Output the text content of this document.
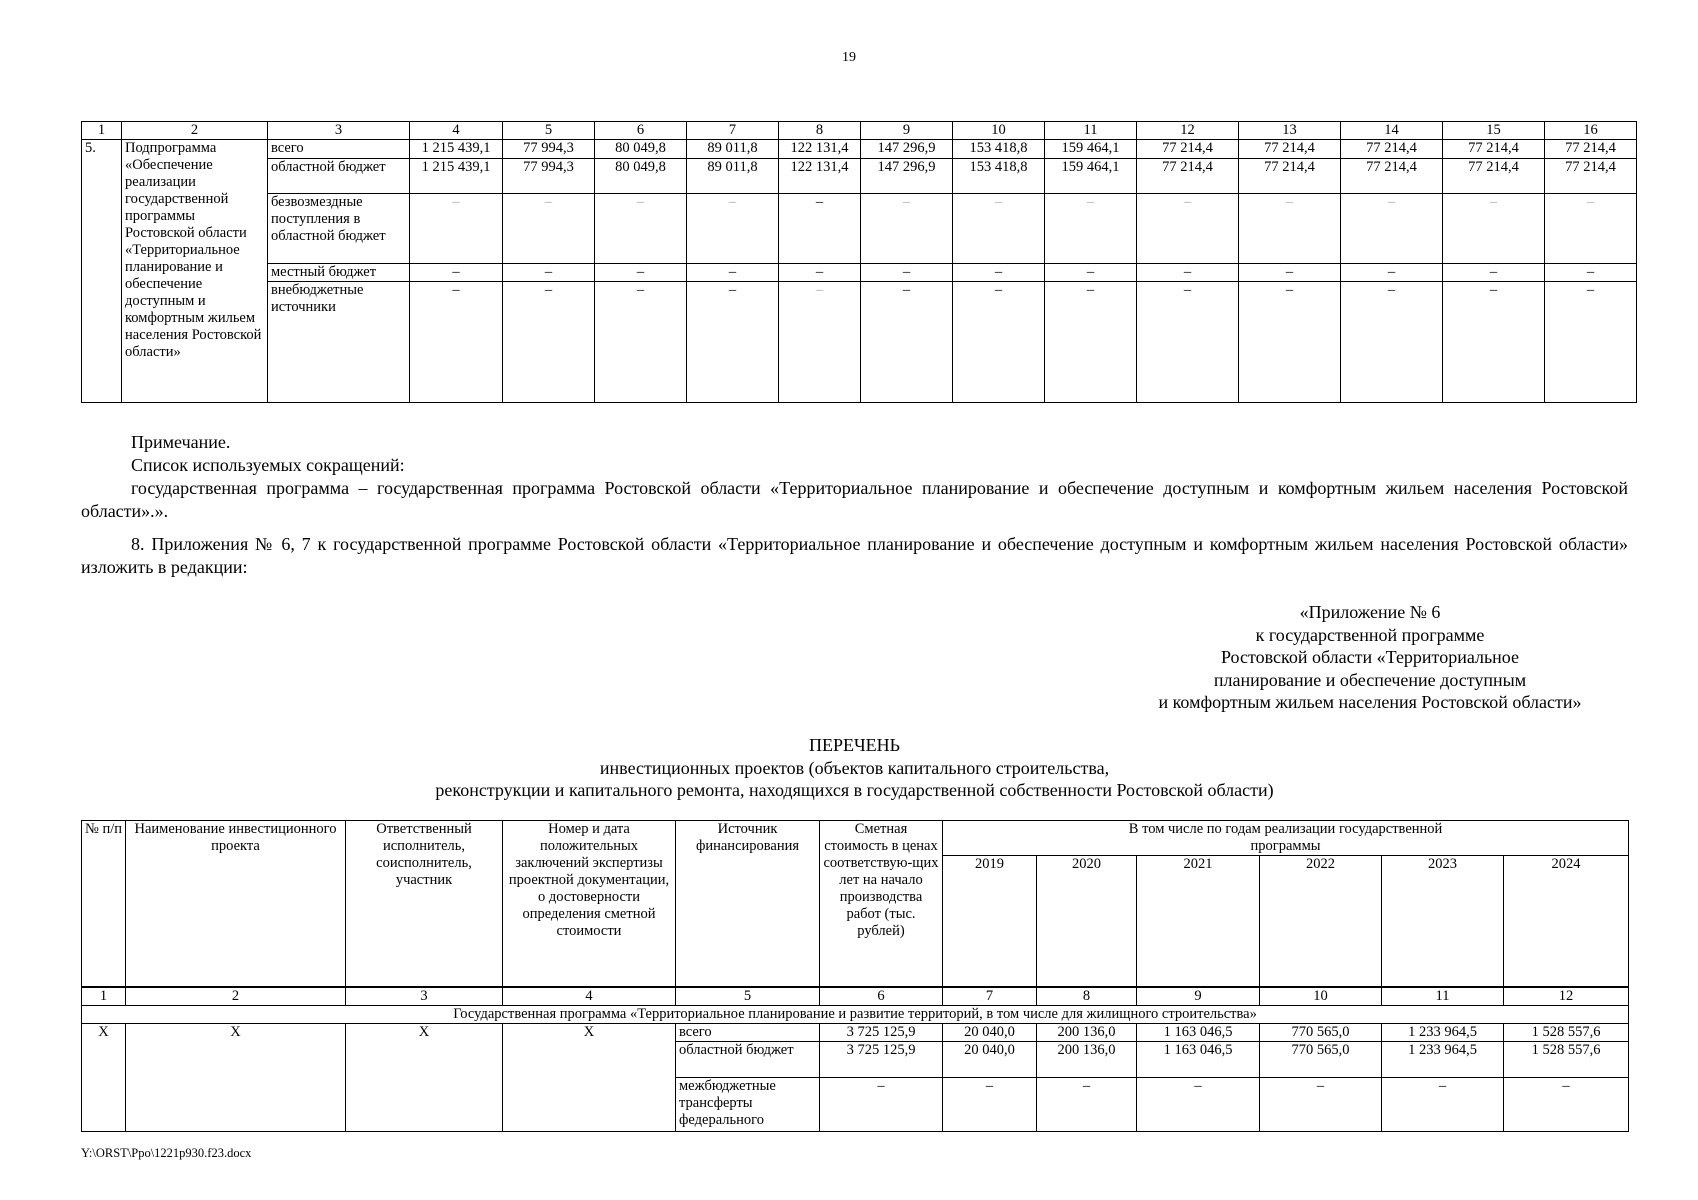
19
1	2	3	4	5	6	7	8	9	10	11	12	13	14	15	16
5.	Подпрограмма «Обеспечение реализации государственной программы Ростовской области «Территориальное планирование и обеспечение доступным и комфортным жильем населения Ростовской области»	всего	1 215 439,1	77 994,3	80 049,8	89 011,8	122 131,4	147 296,9	153 418,8	159 464,1	77 214,4	77 214,4	77 214,4	77 214,4	77 214,4
		областной бюджет	1 215 439,1	77 994,3	80 049,8	89 011,8	122 131,4	147 296,9	153 418,8	159 464,1	77 214,4	77 214,4	77 214,4	77 214,4	77 214,4
		безвозмездные поступления в областной бюджет	–	–	–	–	–	–	–	–	–	–	–	–	–
		местный бюджет	–	–	–	–	–	–	–	–	–	–	–	–	–
		внебюджетные источники	–	–	–	–	–	–	–	–	–	–	–	–	–

Примечание.

Список используемых сокращений:

государственная программа – государственная программа Ростовской области «Территориальное планирование и обеспечение доступным и комфортным жильем населения Ростовской области».».

8. Приложения № 6, 7 к государственной программе Ростовской области «Территориальное планирование и обеспечение доступным и комфортным жильем населения Ростовской области» изложить в редакции:

«Приложение № 6
к государственной программе
Ростовской области «Территориальное
планирование и обеспечение доступным
и комфортным жильем населения Ростовской области»
ПЕРЕЧЕНЬ
инвестиционных проектов (объектов капитального строительства,
реконструкции и капитального ремонта, находящихся в государственной собственности Ростовской области)
№ п/п	Наименование инвестиционного проекта	Ответственный исполнитель, соисполнитель, участник	Номер и дата положительных заключений экспертизы проектной документации, о достоверности определения сметной стоимости	Источник финансирования	Сметная стоимость в ценах соответствую-щих лет на начало производства работ (тыс. рублей)	В том числе по годам реализации государственной программы					
						2019	2020	2021	2022	2023	2024
1	2	3	4	5	6	7	8	9	10	11	12
Государственная программа «Территориальное планирование и развитие территорий, в том числе для жилищного строительства»											
X	X	X	X	всего	3 725 125,9	20 040,0	200 136,0	1 163 046,5	770 565,0	1 233 964,5	1 528 557,6
				областной бюджет	3 725 125,9	20 040,0	200 136,0	1 163 046,5	770 565,0	1 233 964,5	1 528 557,6
				межбюджетные трансферты федерального	–	–	–	–	–	–	–
Y:\ORST\Ppo\1221p930.f23.docx
